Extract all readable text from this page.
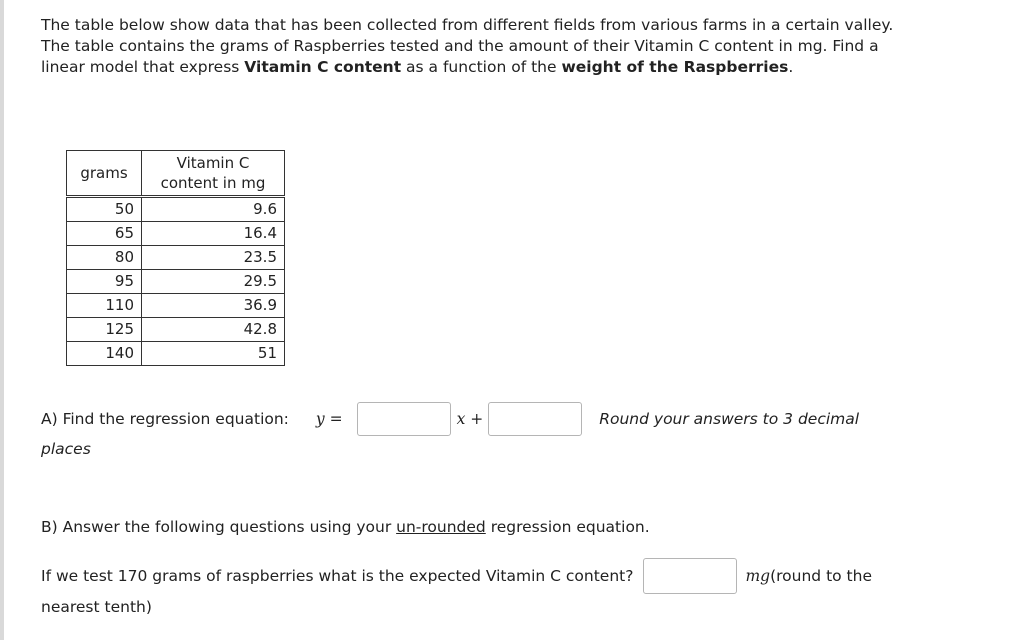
The table below show data that has been collected from different fields from various farms in a certain valley. The table contains the grams of Raspberries tested and the amount of their Vitamin C content in mg. Find a linear model that express Vitamin C content as a function of the weight of the Raspberries.
grams	Vitamin C content in mg
50	9.6
65	16.4
80	23.5
95	29.5
110	36.9
125	42.8
140	51
A) Find the regression equation: y =	x +	Round your answers to 3 decimal
places
B) Answer the following questions using your un-rounded regression equation.
If we test 170 grams of raspberries what is the expected Vitamin C content?	mg (round to the
nearest tenth)
